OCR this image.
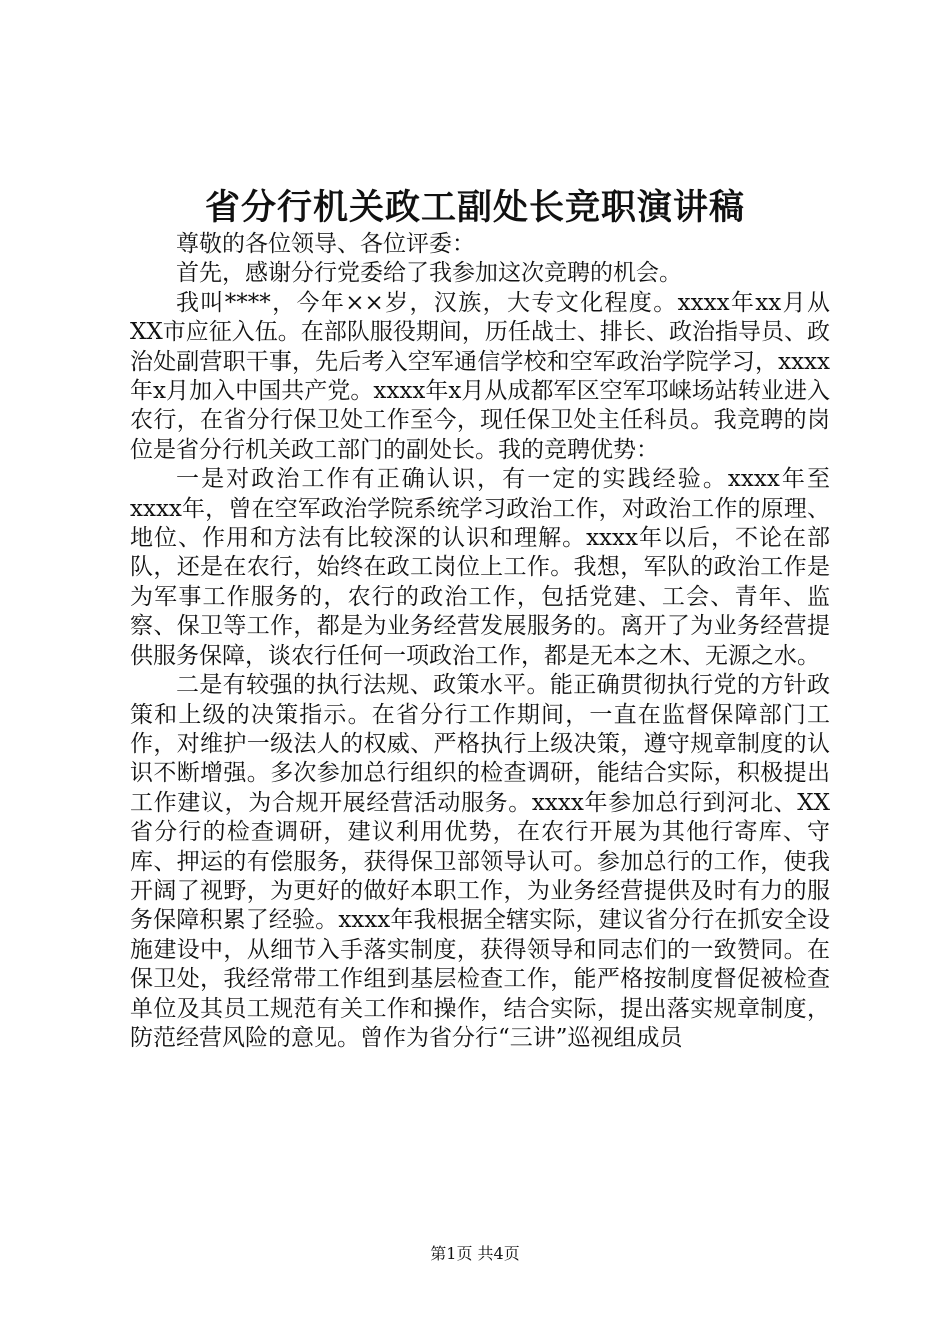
省分行机关政工副处长竞职演讲稿

尊敬的各位领导、各位评委：

首先，感谢分行党委给了我参加这次竞聘的机会。

我叫****，今年××岁，汉族，大专文化程度。xxxx年xx月从XX市应征入伍。在部队服役期间，历任战士、排长、政治指导员、政治处副营职干事，先后考入空军通信学校和空军政治学院学习，xxxx年x月加入中国共产党。xxxx年x月从成都军区空军邛崃场站转业进入农行，在省分行保卫处工作至今，现任保卫处主任科员。我竞聘的岗位是省分行机关政工部门的副处长。我的竞聘优势：

一是对政治工作有正确认识，有一定的实践经验。xxxx年至xxxx年，曾在空军政治学院系统学习政治工作，对政治工作的原理、地位、作用和方法有比较深的认识和理解。xxxx年以后，不论在部队，还是在农行，始终在政工岗位上工作。我想，军队的政治工作是为军事工作服务的，农行的政治工作，包括党建、工会、青年、监察、保卫等工作，都是为业务经营发展服务的。离开了为业务经营提供服务保障，谈农行任何一项政治工作，都是无本之木、无源之水。

二是有较强的执行法规、政策水平。能正确贯彻执行党的方针政策和上级的决策指示。在省分行工作期间，一直在监督保障部门工作，对维护一级法人的权威、严格执行上级决策，遵守规章制度的认识不断增强。多次参加总行组织的检查调研，能结合实际，积极提出工作建议，为合规开展经营活动服务。xxxx年参加总行到河北、XX省分行的检查调研，建议利用优势，在农行开展为其他行寄库、守库、押运的有偿服务，获得保卫部领导认可。参加总行的工作，使我开阔了视野，为更好的做好本职工作，为业务经营提供及时有力的服务保障积累了经验。xxxx年我根据全辖实际，建议省分行在抓安全设施建设中，从细节入手落实制度，获得领导和同志们的一致赞同。在保卫处，我经常带工作组到基层检查工作，能严格按制度督促被检查单位及其员工规范有关工作和操作，结合实际，提出落实规章制度，防范经营风险的意见。曾作为省分行“三讲”巡视组成员

第1页 共4页
